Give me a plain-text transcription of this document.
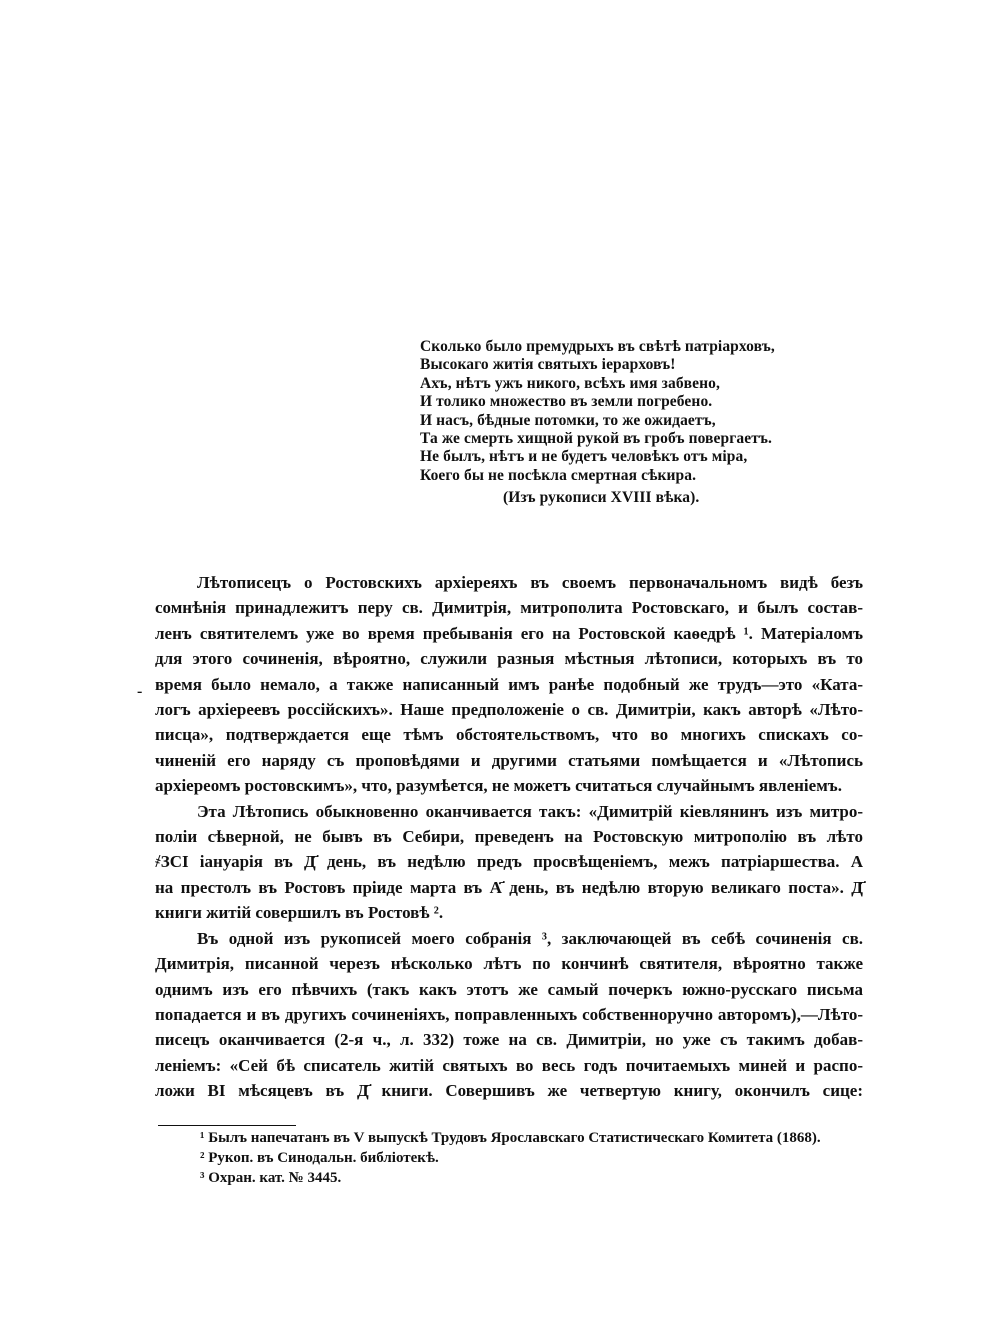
Сколько было премудрыхъ въ свѣтѣ патріарховъ,
Высокаго житія святыхъ іерарховъ!
Ахъ, нѣтъ ужъ никого, всѣхъ имя забвено,
И толико множество въ земли погребено.
И насъ, бѣдные потомки, то же ожидаетъ,
Та же смерть хищной рукой въ гробъ повергаетъ.
Не былъ, нѣтъ и не будетъ человѣкъ отъ міра,
Коего бы не посѣкла смертная сѣкира.
(Изъ рукописи XVIII вѣка).
-
Лѣтописецъ о Ростовскихъ архіереяхъ въ своемъ первоначальномъ видѣ безъ
сомнѣнія принадлежитъ перу св. Димитрія, митрополита Ростовскаго, и былъ состав-
ленъ святителемъ уже во время пребыванія его на Ростовской каѳедрѣ ¹. Матеріаломъ
для этого сочиненія, вѣроятно, служили разныя мѣстныя лѣтописи, которыхъ въ то
время было немало, а также написанный имъ ранѣе подобный же трудъ—это «Ката-
логъ архіереевъ россійскихъ». Наше предположеніе о св. Димитріи, какъ авторѣ «Лѣто-
писца», подтверждается еще тѣмъ обстоятельствомъ, что во многихъ спискахъ со-
чиненій его наряду съ проповѣдями и другими статьями помѣщается и «Лѣтопись
архіереомъ ростовскимъ», что, разумѣется, не можетъ считаться случайнымъ явленіемъ.
Эта Лѣтопись обыкновенно оканчивается такъ: «Димитрій кіевлянинъ изъ митро-
поліи сѣверной, не бывъ въ Себири, преведенъ на Ростовскую митрополію въ лѣто
҂ЗСІ іануарія въ Д҃ день, въ недѣлю предъ просвѣщеніемъ, межъ патріаршества. А
на престолъ въ Ростовъ пріиде марта въ А҃ день, въ недѣлю вторую великаго поста». Д҃
книги житій совершилъ въ Ростовѣ ².
Въ одной изъ рукописей моего собранія ³, заключающей въ себѣ сочиненія св.
Димитрія, писанной черезъ нѣсколько лѣтъ по кончинѣ святителя, вѣроятно также
однимъ изъ его пѣвчихъ (такъ какъ этотъ же самый почеркъ южно-русскаго письма
попадается и въ другихъ сочиненіяхъ, поправленныхъ собственноручно авторомъ),—Лѣто-
писецъ оканчивается (2-я ч., л. 332) тоже на св. Димитріи, но уже съ такимъ добав-
леніемъ: «Сей бѣ списатель житій святыхъ во весь годъ почитаемыхъ миней и распо-
ложи ВІ мѣсяцевъ въ Д҃ книги. Совершивъ же четвертую книгу, окончилъ сице:
¹ Былъ напечатанъ въ V выпускѣ Трудовъ Ярославскаго Статистическаго Комитета (1868).
² Рукоп. въ Синодальн. библіотекѣ.
³ Охран. кат. № 3445.
